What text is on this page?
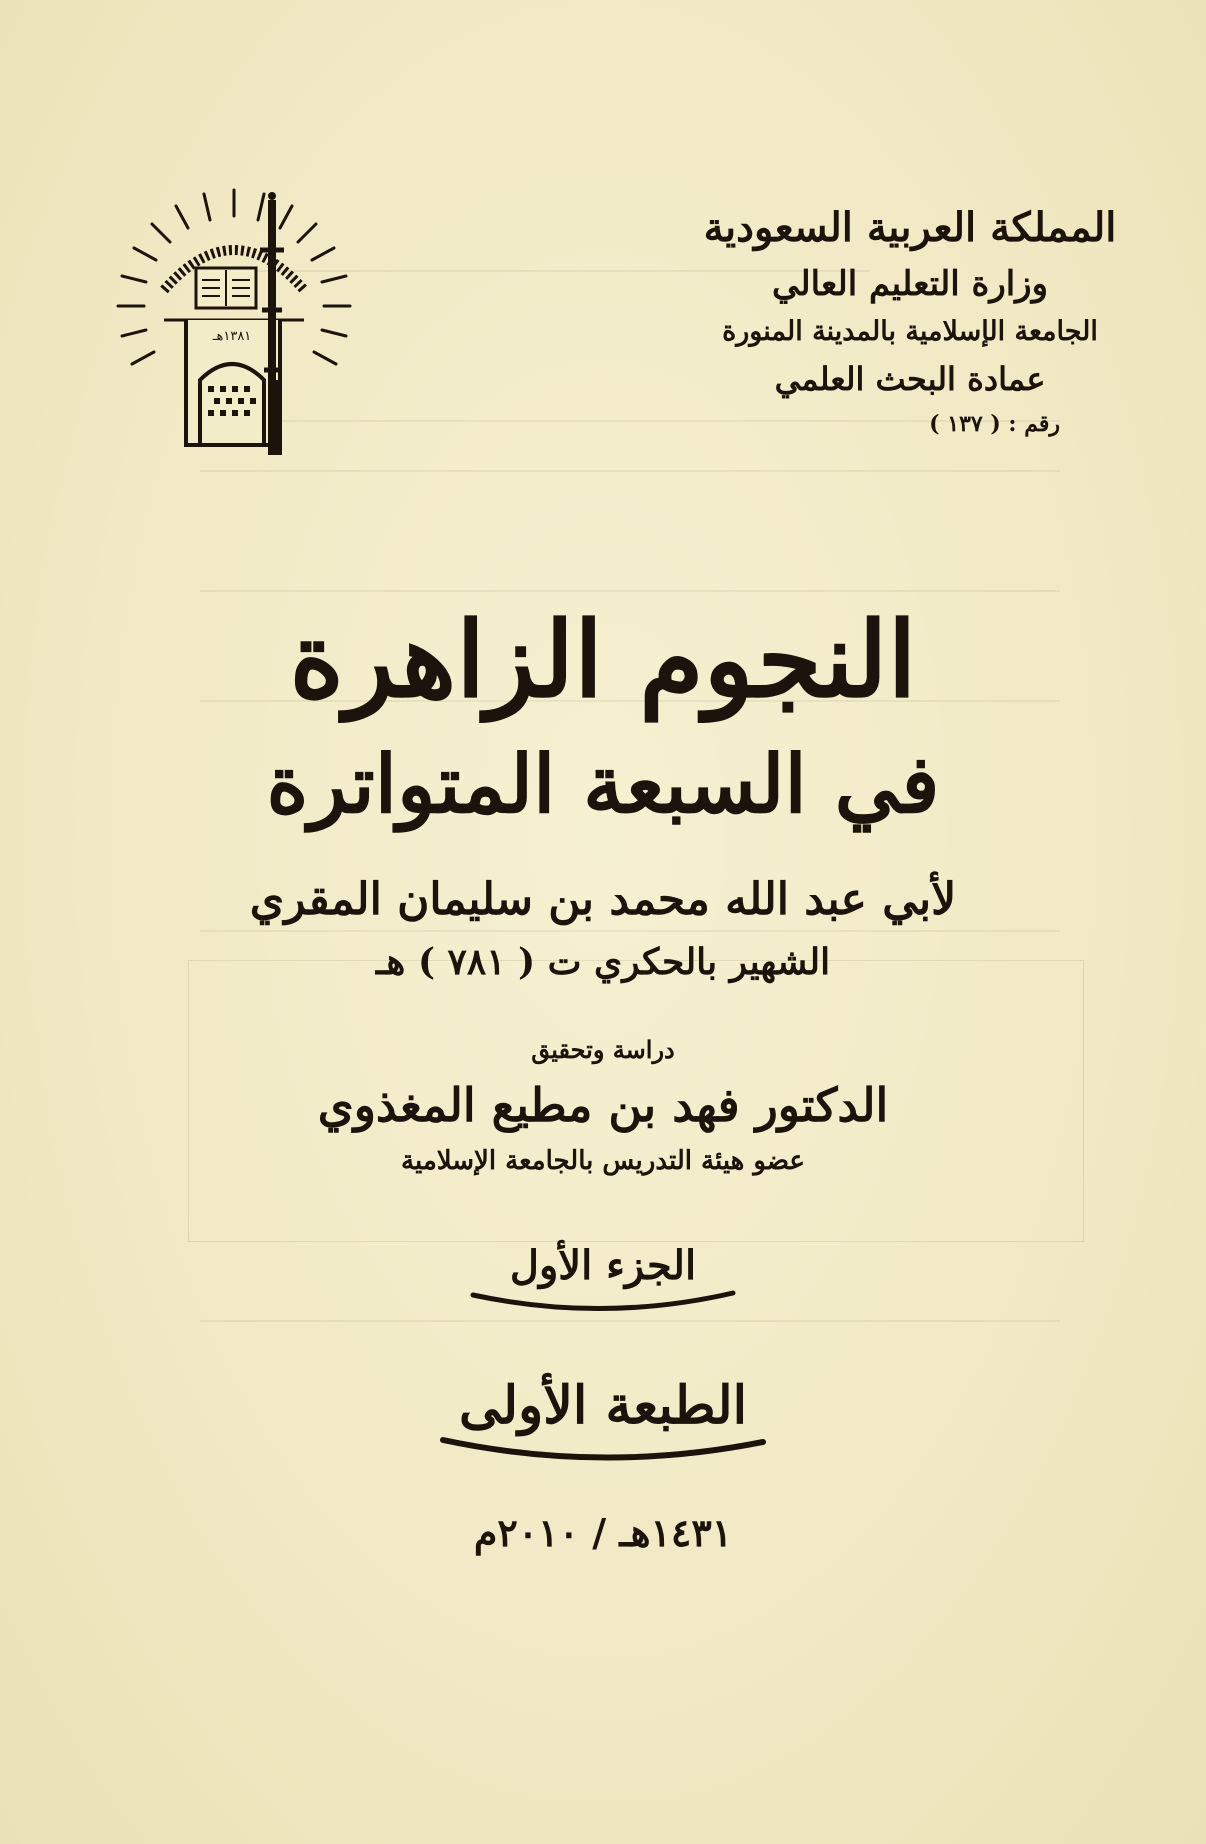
١٣٨١هـ
المملكة العربية السعودية
وزارة التعليم العالي
الجامعة الإسلامية بالمدينة المنورة
عمادة البحث العلمي
رقم : ( ١٣٧ )
النجوم الزاهرة
في السبعة المتواترة
لأبي عبد الله محمد بن سليمان المقري
الشهير بالحكري ت ( ٧٨١ ) هـ
دراسة وتحقيق
الدكتور فهد بن مطيع المغذوي
عضو هيئة التدريس بالجامعة الإسلامية
الجزء الأول
الطبعة الأولى
١٤٣١هـ / ٢٠١٠م
